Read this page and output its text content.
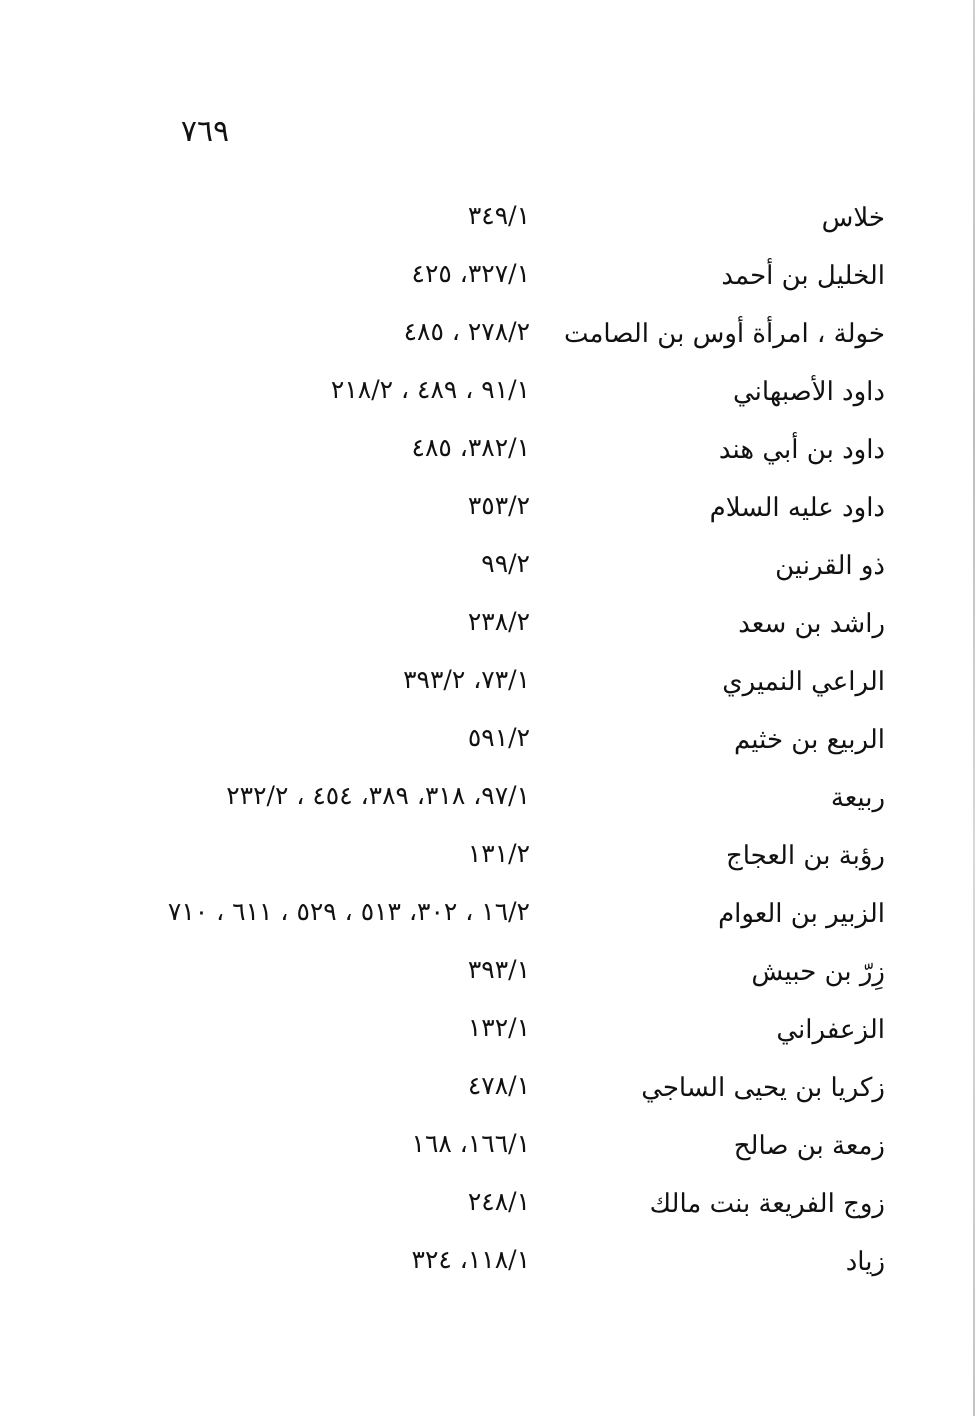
٧٦٩
خلاس
٣٤٩/١
الخليل بن أحمد
٣٢٧/١، ٤٢٥
خولة ، امرأة أوس بن الصامت
٢٧٨/٢ ، ٤٨٥
داود الأصبهاني
٩١/١ ، ٤٨٩ ، ٢١٨/٢
داود بن أبي هند
٣٨٢/١، ٤٨٥
داود عليه السلام
٣٥٣/٢
ذو القرنين
٩٩/٢
راشد بن سعد
٢٣٨/٢
الراعي النميري
٧٣/١، ٣٩٣/٢
الربيع بن خثيم
٥٩١/٢
ربيعة
٩٧/١، ٣١٨، ٣٨٩، ٤٥٤ ، ٢٣٢/٢
رؤبة بن العجاج
١٣١/٢
الزبير بن العوام
١٦/٢ ، ٣٠٢، ٥١٣ ، ٥٢٩ ، ٦١١ ، ٧١٠
زِرّ بن حبيش
٣٩٣/١
الزعفراني
١٣٢/١
زكريا بن يحيى الساجي
٤٧٨/١
زمعة بن صالح
١٦٦/١، ١٦٨
زوج الفريعة بنت مالك
٢٤٨/١
زياد
١١٨/١، ٣٢٤
